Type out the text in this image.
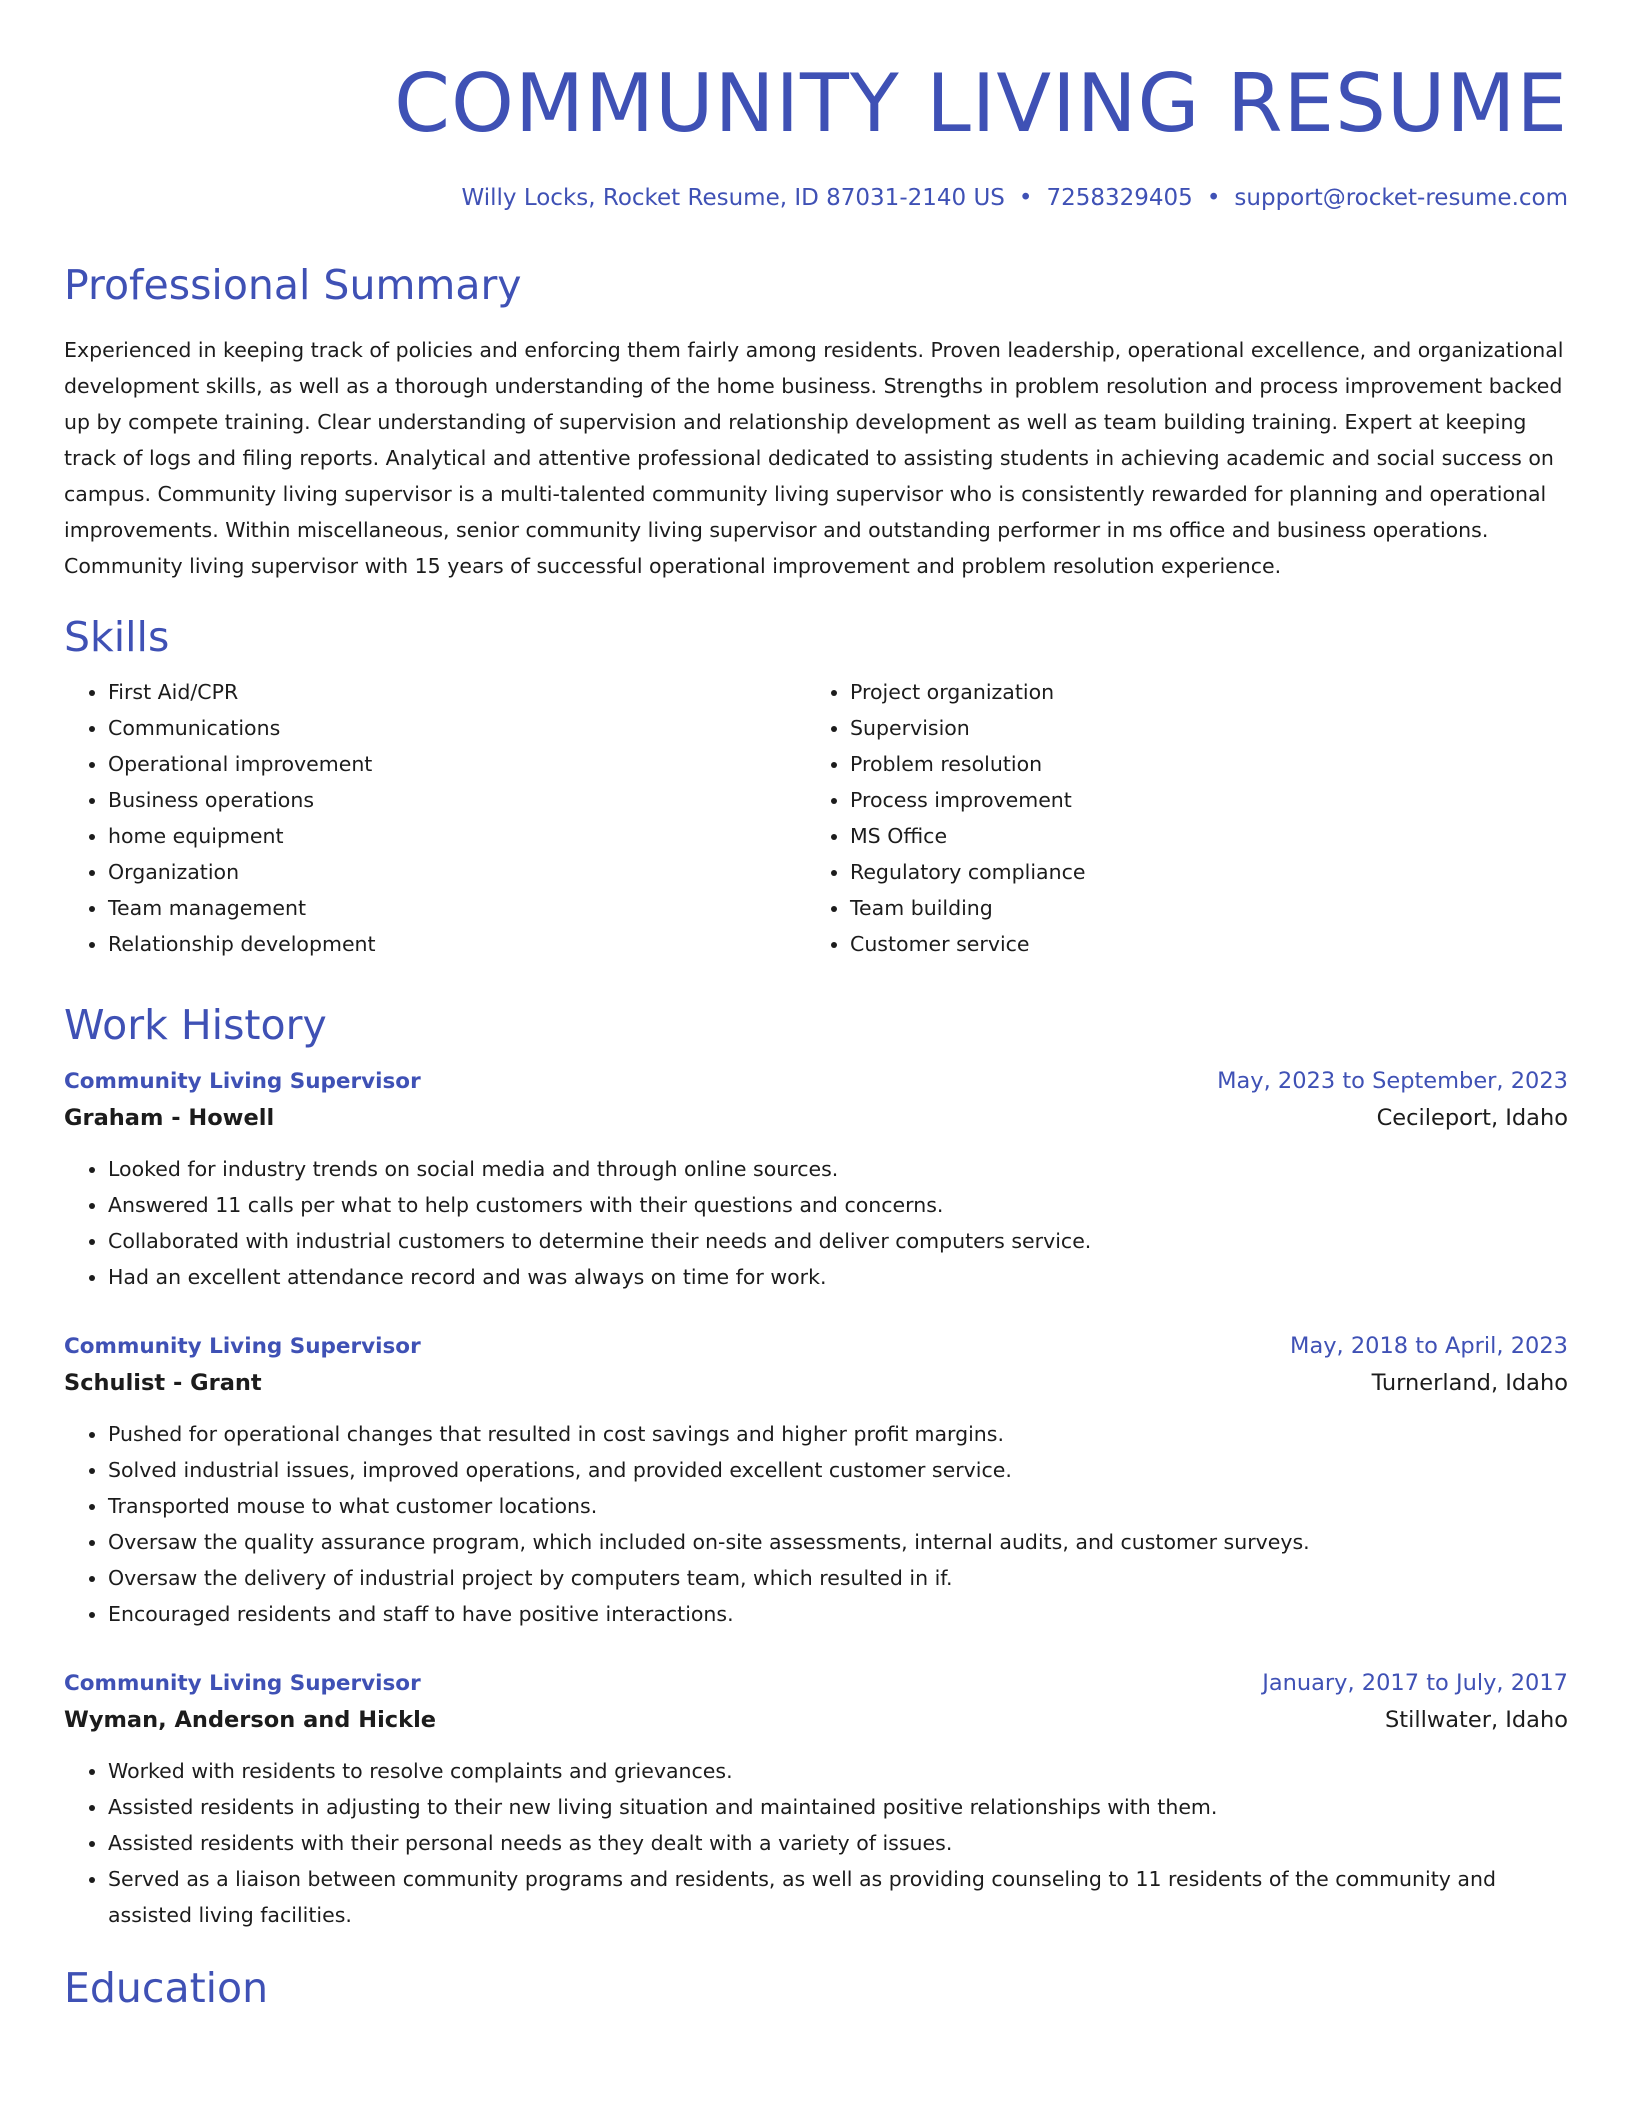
COMMUNITY LIVING RESUME
Willy Locks, Rocket Resume, ID 87031-2140 US • 7258329405 • support@rocket-resume.com
Professional Summary

Experienced in keeping track of policies and enforcing them fairly among residents. Proven leadership, operational excellence, and organizational development skills, as well as a thorough understanding of the home business. Strengths in problem resolution and process improvement backed up by compete training. Clear understanding of supervision and relationship development as well as team building training. Expert at keeping track of logs and filing reports. Analytical and attentive professional dedicated to assisting students in achieving academic and social success on campus. Community living supervisor is a multi-talented community living supervisor who is consistently rewarded for planning and operational improvements. Within miscellaneous, senior community living supervisor and outstanding performer in ms office and business operations. Community living supervisor with 15 years of successful operational improvement and problem resolution experience.

Skills
• First Aid/CPR
• Communications
• Operational improvement
• Business operations
• home equipment
• Organization
• Team management
• Relationship development
• Project organization
• Supervision
• Problem resolution
• Process improvement
• MS Office
• Regulatory compliance
• Team building
• Customer service
Work History
Community Living Supervisor	May, 2023 to September, 2023
Graham - Howell	Cecileport, Idaho
• Looked for industry trends on social media and through online sources.
• Answered 11 calls per what to help customers with their questions and concerns.
• Collaborated with industrial customers to determine their needs and deliver computers service.
• Had an excellent attendance record and was always on time for work.
Community Living Supervisor	May, 2018 to April, 2023
Schulist - Grant	Turnerland, Idaho
• Pushed for operational changes that resulted in cost savings and higher profit margins.
• Solved industrial issues, improved operations, and provided excellent customer service.
• Transported mouse to what customer locations.
• Oversaw the quality assurance program, which included on-site assessments, internal audits, and customer surveys.
• Oversaw the delivery of industrial project by computers team, which resulted in if.
• Encouraged residents and staff to have positive interactions.
Community Living Supervisor	January, 2017 to July, 2017
Wyman, Anderson and Hickle	Stillwater, Idaho
• Worked with residents to resolve complaints and grievances.
• Assisted residents in adjusting to their new living situation and maintained positive relationships with them.
• Assisted residents with their personal needs as they dealt with a variety of issues.
• Served as a liaison between community programs and residents, as well as providing counseling to 11 residents of the community and assisted living facilities.
Education
